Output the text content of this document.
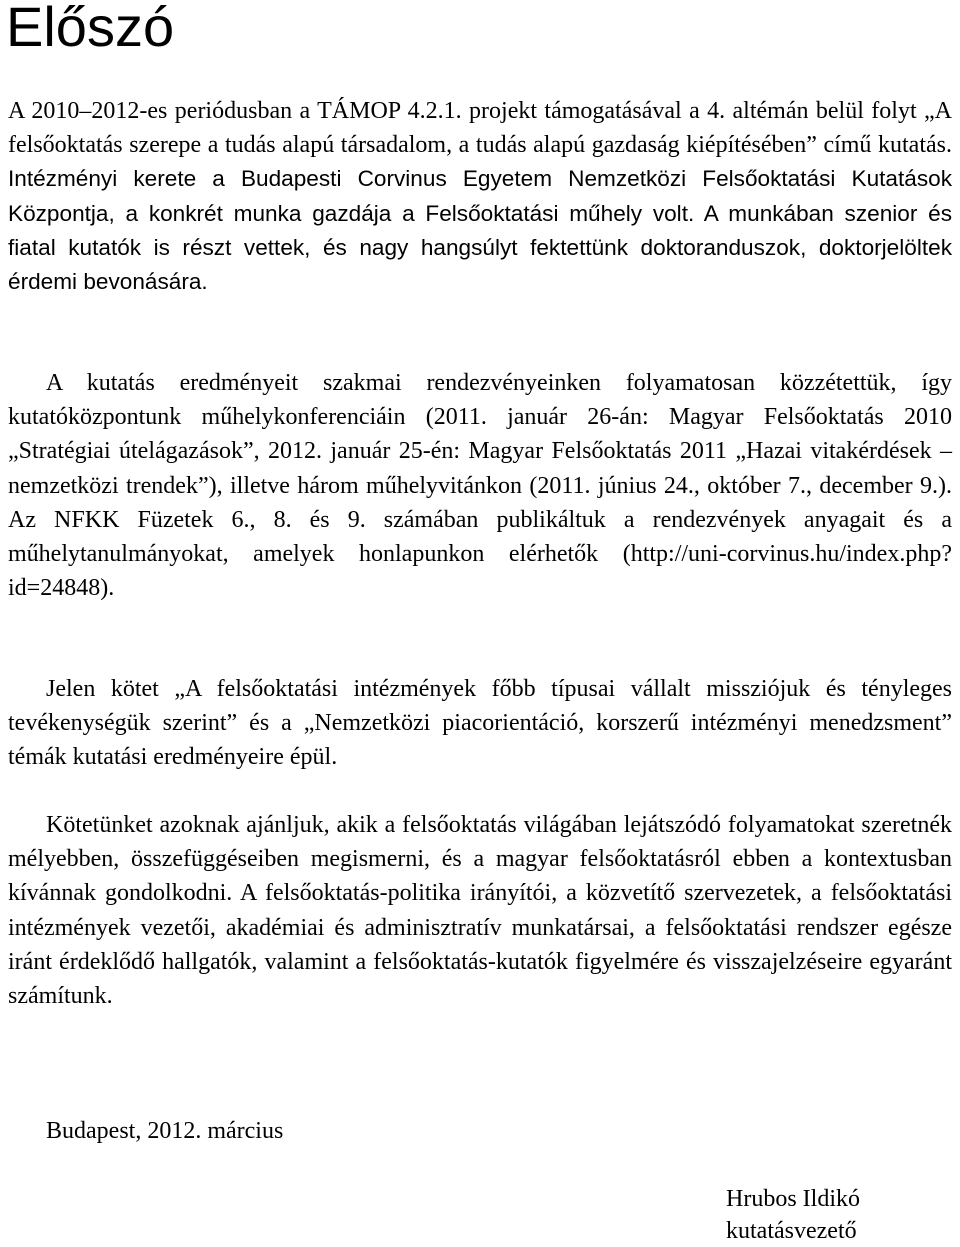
Előszó

A 2010–2012-es periódusban a TÁMOP 4.2.1. projekt támogatásával a 4. altémán belül folyt „A felsőoktatás szerepe a tudás alapú társadalom, a tudás alapú gazdaság kiépítésében” című kutatás. Intézményi kerete a Budapesti Corvinus Egyetem Nemzetközi Felsőoktatási Kutatások Központja, a konkrét munka gazdája a Felsőoktatási műhely volt. A munkában szenior és fiatal kutatók is részt vettek, és nagy hangsúlyt fektettünk doktoranduszok, doktorjelöltek érdemi bevonására.

A kutatás eredményeit szakmai rendezvényeinken folyamatosan közzétettük, így kutatóközpontunk műhelykonferenciáin (2011. január 26-án: Magyar Felsőoktatás 2010 „Stratégiai útelágazások”, 2012. január 25-én: Magyar Felsőoktatás 2011 „Hazai vitakérdések – nemzetközi trendek”), illetve három műhelyvitánkon (2011. június 24., október 7., december 9.). Az NFKK Füzetek 6., 8. és 9. számában publikáltuk a rendezvények anyagait és a műhelytanulmányokat, amelyek honlapunkon elérhetők (http://uni-corvinus.hu/index.php?id=24848).

Jelen kötet „A felsőoktatási intézmények főbb típusai vállalt missziójuk és tényleges tevékenységük szerint” és a „Nemzetközi piacorientáció, korszerű intézményi menedzsment” témák kutatási eredményeire épül.

Kötetünket azoknak ajánljuk, akik a felsőoktatás világában lejátszódó folyamatokat szeretnék mélyebben, összefüggéseiben megismerni, és a magyar felsőoktatásról ebben a kontextusban kívánnak gondolkodni. A felsőoktatás-politika irányítói, a közvetítő szervezetek, a felsőoktatási intézmények vezetői, akadémiai és adminisztratív munkatársai, a felsőoktatási rendszer egésze iránt érdeklődő hallgatók, valamint a felsőoktatás-kutatók figyelmére és visszajelzéseire egyaránt számítunk.

Budapest, 2012. március

Hrubos Ildikó
kutatásvezető
